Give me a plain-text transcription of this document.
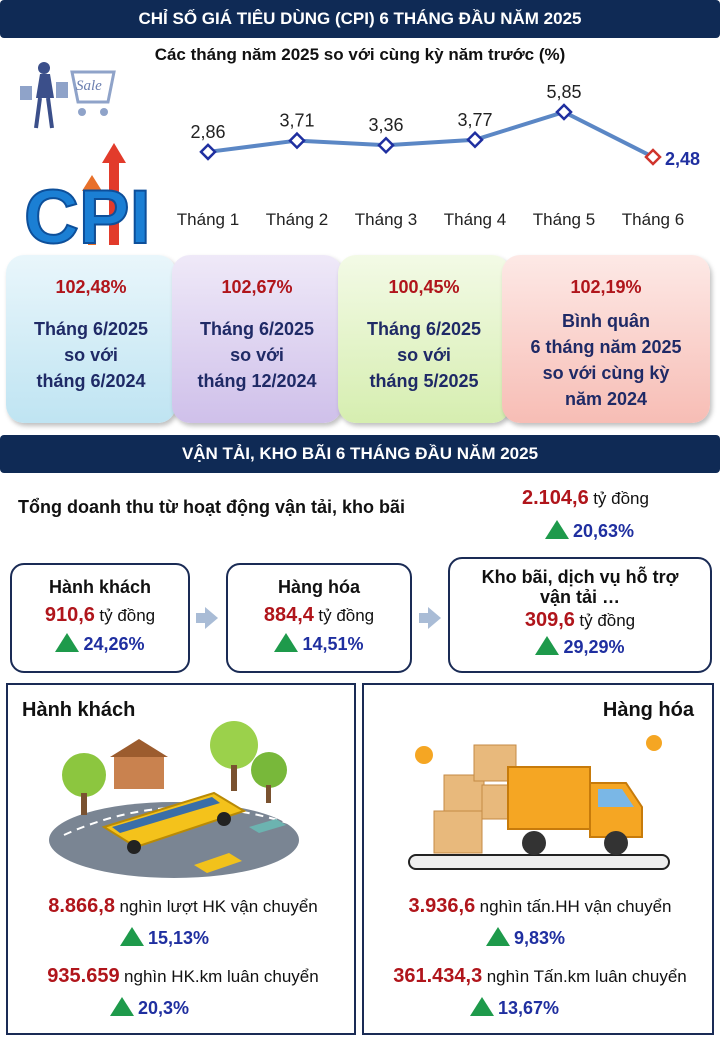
CHỈ SỐ GIÁ TIÊU DÙNG (CPI) 6 THÁNG ĐẦU NĂM 2025
Các tháng năm 2025 so với cùng kỳ năm trước (%)
Sale
CPI
2,86
Tháng 1
3,71
Tháng 2
3,36
Tháng 3
3,77
Tháng 4
5,85
Tháng 5
2,48
Tháng 6
102,48%
Tháng 6/2025
so với
tháng 6/2024
102,67%
Tháng 6/2025
so với
tháng 12/2024
100,45%
Tháng 6/2025
so với
tháng 5/2025
102,19%
Bình quân
6 tháng năm 2025
so với cùng kỳ
năm 2024
VẬN TẢI, KHO BÃI 6 THÁNG ĐẦU NĂM 2025
Tổng doanh thu từ hoạt động vận tải, kho bãi	2.104,6 tỷ đồng
20,63%
Hành khách
910,6 tỷ đồng
24,26%
Hàng hóa
884,4 tỷ đồng
14,51%
Kho bãi, dịch vụ hỗ trợ
vận tải …
309,6 tỷ đồng
29,29%
Hành khách
8.866,8 nghìn lượt HK vận chuyển
15,13%
935.659 nghìn HK.km luân chuyển
20,3%
Hàng hóa
3.936,6 nghìn tấn.HH vận chuyển
9,83%
361.434,3 nghìn Tấn.km luân chuyển
13,67%
